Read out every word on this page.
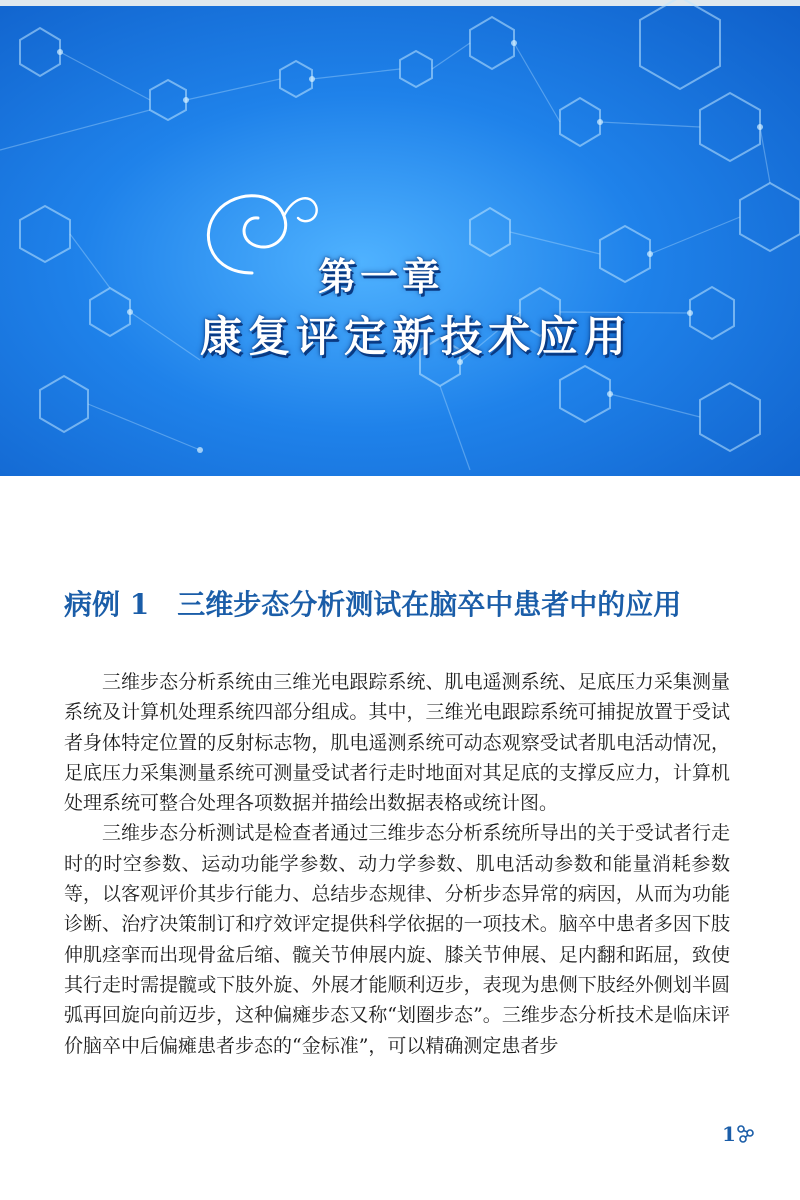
第一章
康复评定新技术应用
病例 1 三维步态分析测试在脑卒中患者中的应用

三维步态分析系统由三维光电跟踪系统、肌电遥测系统、足底压力采集测量系统及计算机处理系统四部分组成。其中，三维光电跟踪系统可捕捉放置于受试者身体特定位置的反射标志物，肌电遥测系统可动态观察受试者肌电活动情况，足底压力采集测量系统可测量受试者行走时地面对其足底的支撑反应力，计算机处理系统可整合处理各项数据并描绘出数据表格或统计图。

三维步态分析测试是检查者通过三维步态分析系统所导出的关于受试者行走时的时空参数、运动功能学参数、动力学参数、肌电活动参数和能量消耗参数等，以客观评价其步行能力、总结步态规律、分析步态异常的病因，从而为功能诊断、治疗决策制订和疗效评定提供科学依据的一项技术。脑卒中患者多因下肢伸肌痉挛而出现骨盆后缩、髋关节伸展内旋、膝关节伸展、足内翻和跖屈，致使其行走时需提髋或下肢外旋、外展才能顺利迈步，表现为患侧下肢经外侧划半圆弧再回旋向前迈步，这种偏瘫步态又称“划圈步态”。三维步态分析技术是临床评价脑卒中后偏瘫患者步态的“金标准”，可以精确测定患者步

1
